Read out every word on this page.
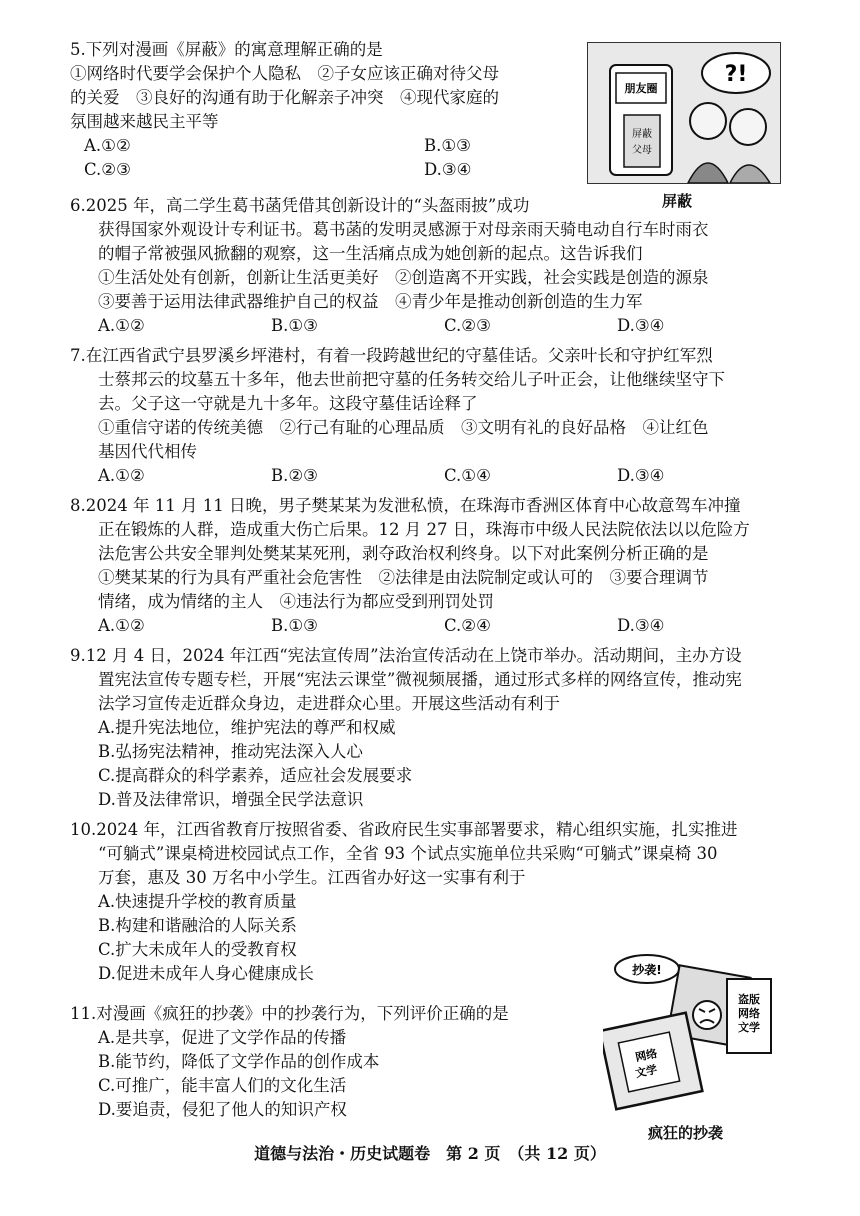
5.下列对漫画《屏蔽》的寓意理解正确的是
①网络时代要学会保护个人隐私　②子女应该正确对待父母
的关爱　③良好的沟通有助于化解亲子冲突　④现代家庭的
氛围越来越民主平等
A.①②	B.①③
C.②③	D.③④
朋友圈
屏蔽
父母
?!
屏蔽
6.2025 年，高二学生葛书菡凭借其创新设计的“头盔雨披”成功
获得国家外观设计专利证书。葛书菡的发明灵感源于对母亲雨天骑电动自行车时雨衣
的帽子常被强风掀翻的观察，这一生活痛点成为她创新的起点。这告诉我们
①生活处处有创新，创新让生活更美好　②创造离不开实践，社会实践是创造的源泉
③要善于运用法律武器维护自己的权益　④青少年是推动创新创造的生力军
A.①②	B.①③	C.②③	D.③④
7.在江西省武宁县罗溪乡坪港村，有着一段跨越世纪的守墓佳话。父亲叶长和守护红军烈
士蔡邦云的坟墓五十多年，他去世前把守墓的任务转交给儿子叶正会，让他继续坚守下
去。父子这一守就是九十多年。这段守墓佳话诠释了
①重信守诺的传统美德　②行己有耻的心理品质　③文明有礼的良好品格　④让红色
基因代代相传
A.①②	B.②③	C.①④	D.③④
8.2024 年 11 月 11 日晚，男子樊某某为发泄私愤，在珠海市香洲区体育中心故意驾车冲撞
正在锻炼的人群，造成重大伤亡后果。12 月 27 日，珠海市中级人民法院依法以以危险方
法危害公共安全罪判处樊某某死刑，剥夺政治权利终身。以下对此案例分析正确的是
①樊某某的行为具有严重社会危害性　②法律是由法院制定或认可的　③要合理调节
情绪，成为情绪的主人　④违法行为都应受到刑罚处罚
A.①②	B.①③	C.②④	D.③④
9.12 月 4 日，2024 年江西“宪法宣传周”法治宣传活动在上饶市举办。活动期间，主办方设
置宪法宣传专题专栏，开展“宪法云课堂”微视频展播，通过形式多样的网络宣传，推动宪
法学习宣传走近群众身边，走进群众心里。开展这些活动有利于
A.提升宪法地位，维护宪法的尊严和权威
B.弘扬宪法精神，推动宪法深入人心
C.提高群众的科学素养，适应社会发展要求
D.普及法律常识，增强全民学法意识
10.2024 年，江西省教育厅按照省委、省政府民生实事部署要求，精心组织实施，扎实推进
“可躺式”课桌椅进校园试点工作，全省 93 个试点实施单位共采购“可躺式”课桌椅 30
万套，惠及 30 万名中小学生。江西省办好这一实事有利于
A.快速提升学校的教育质量
B.构建和谐融洽的人际关系
C.扩大未成年人的受教育权
D.促进未成年人身心健康成长
11.对漫画《疯狂的抄袭》中的抄袭行为，下列评价正确的是
A.是共享，促进了文学作品的传播
B.能节约，降低了文学作品的创作成本
C.可推广，能丰富人们的文化生活
D.要追责，侵犯了他人的知识产权
抄袭!
盗版
网络
文学
网络
文学
疯狂的抄袭
道德与法治・历史试题卷　第 2 页　（共 12 页）
